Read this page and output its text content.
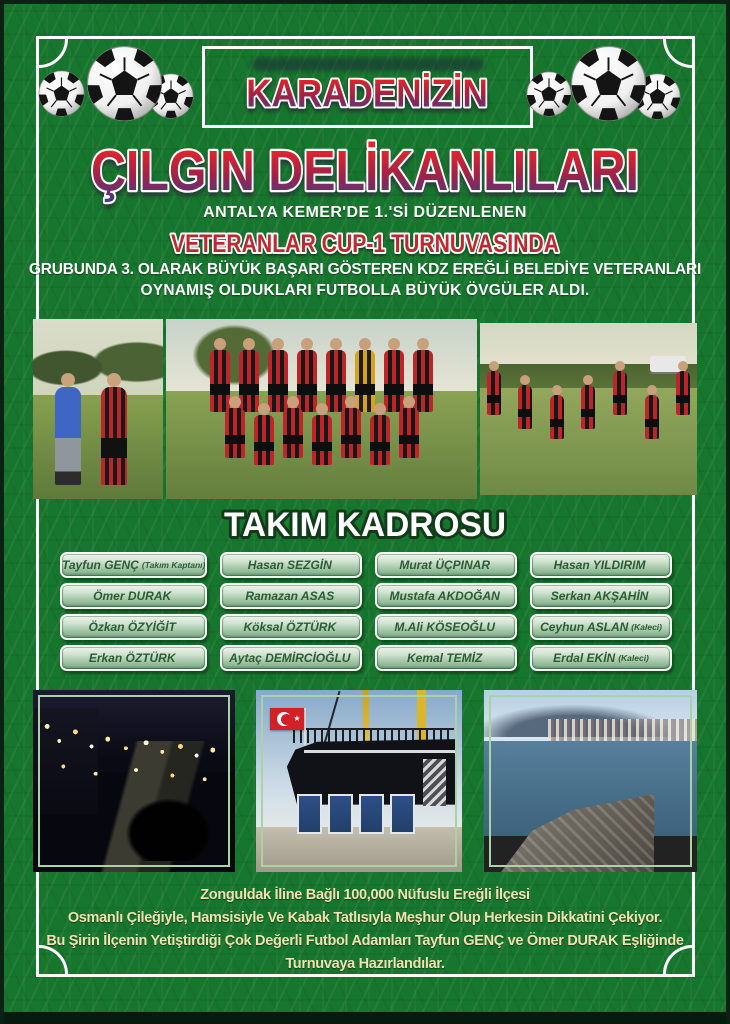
KARADENİZİN
ÇILGIN DELİKANLILARI
ANTALYA KEMER'DE 1.'Sİ DÜZENLENEN
VETERANLAR CUP-1 TURNUVASINDA
GRUBUNDA 3. OLARAK BÜYÜK BAŞARI GÖSTEREN KDZ EREĞLİ BELEDİYE VETERANLARI
OYNAMIŞ OLDUKLARI FUTBOLLA BÜYÜK ÖVGÜLER ALDI.
TAKIM KADROSU
Tayfun GENÇ (Takım Kaptanı)
Ömer DURAK
Özkan ÖZYİĞİT
Erkan ÖZTÜRK
Hasan SEZGİN
Ramazan ASAS
Köksal ÖZTÜRK
Aytaç DEMİRCİOĞLU
Murat ÜÇPINAR
Mustafa AKDOĞAN
M.Ali KÖSEOĞLU
Kemal TEMİZ
Hasan YILDIRIM
Serkan AKŞAHİN
Ceyhun ASLAN (Kaleci)
Erdal EKİN (Kaleci)
Zonguldak İline Bağlı 100,000 Nüfuslu Ereğli İlçesi
Osmanlı Çileğiyle, Hamsisiyle Ve Kabak Tatlısıyla Meşhur Olup Herkesin Dikkatini Çekiyor.
Bu Şirin İlçenin Yetiştirdiği Çok Değerli Futbol Adamları Tayfun GENÇ ve Ömer DURAK Eşliğinde
Turnuvaya Hazırlandılar.
